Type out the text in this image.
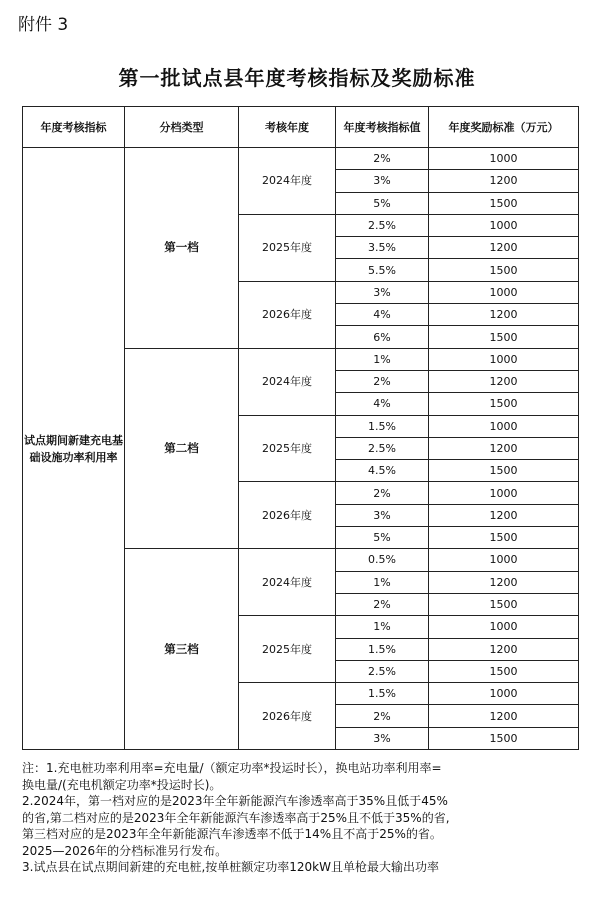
附件 3
第一批试点县年度考核指标及奖励标准
年度考核指标	分档类型	考核年度	年度考核指标值	年度奖励标准（万元）
试点期间新建充电基础设施功率利用率	第一档	2024年度	2%	1000
			3%	1200
			5%	1500
		2025年度	2.5%	1000
			3.5%	1200
			5.5%	1500
		2026年度	3%	1000
			4%	1200
			6%	1500
	第二档	2024年度	1%	1000
			2%	1200
			4%	1500
		2025年度	1.5%	1000
			2.5%	1200
			4.5%	1500
		2026年度	2%	1000
			3%	1200
			5%	1500
	第三档	2024年度	0.5%	1000
			1%	1200
			2%	1500
		2025年度	1%	1000
			1.5%	1200
			2.5%	1500
		2026年度	1.5%	1000
			2%	1200
			3%	1500

注：1.充电桩功率利用率=充电量/（额定功率*投运时长），换电站功率利用率=

换电量/(充电机额定功率*投运时长)。

2.2024年，第一档对应的是2023年全年新能源汽车渗透率高于35%且低于45%

的省,第二档对应的是2023年全年新能源汽车渗透率高于25%且不低于35%的省,

第三档对应的是2023年全年新能源汽车渗透率不低于14%且不高于25%的省。

2025—2026年的分档标准另行发布。

3.试点县在试点期间新建的充电桩,按单桩额定功率120kW且单枪最大输出功率
